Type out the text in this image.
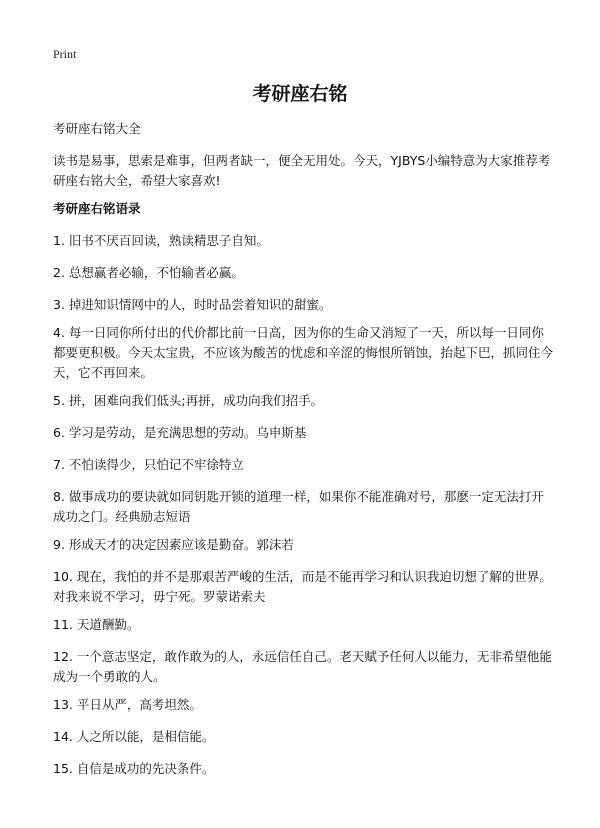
Print
考研座右铭

考研座右铭大全

读书是易事，思索是难事，但两者缺一，便全无用处。今天，YJBYS小编特意为大家推荐考研座右铭大全，希望大家喜欢!

考研座右铭语录

1. 旧书不厌百回读，熟读精思子自知。

2. 总想赢者必输，不怕输者必赢。

3. 掉进知识情网中的人，时时品尝着知识的甜蜜。

4. 每一日同你所付出的代价都比前一日高，因为你的生命又消短了一天，所以每一日同你都要更积极。今天太宝贵，不应该为酸苦的忧虑和辛涩的悔恨所销蚀，抬起下巴，抓同住今天，它不再回来。

5. 拼，困难向我们低头;再拼，成功向我们招手。

6. 学习是劳动，是充满思想的劳动。乌申斯基

7. 不怕读得少，只怕记不牢徐特立

8. 做事成功的要诀就如同钥匙开锁的道理一样，如果你不能准确对号，那麽一定无法打开成功之门。经典励志短语

9. 形成天才的决定因素应该是勤奋。郭沫若

10. 现在，我怕的并不是那艰苦严峻的生活，而是不能再学习和认识我迫切想了解的世界。对我来说不学习，毋宁死。罗蒙诺索夫

11. 天道酬勤。

12. 一个意志坚定，敢作敢为的人，永远信任自己。老天赋予任何人以能力，无非希望他能成为一个勇敢的人。

13. 平日从严，高考坦然。

14. 人之所以能，是相信能。

15. 自信是成功的先决条件。
